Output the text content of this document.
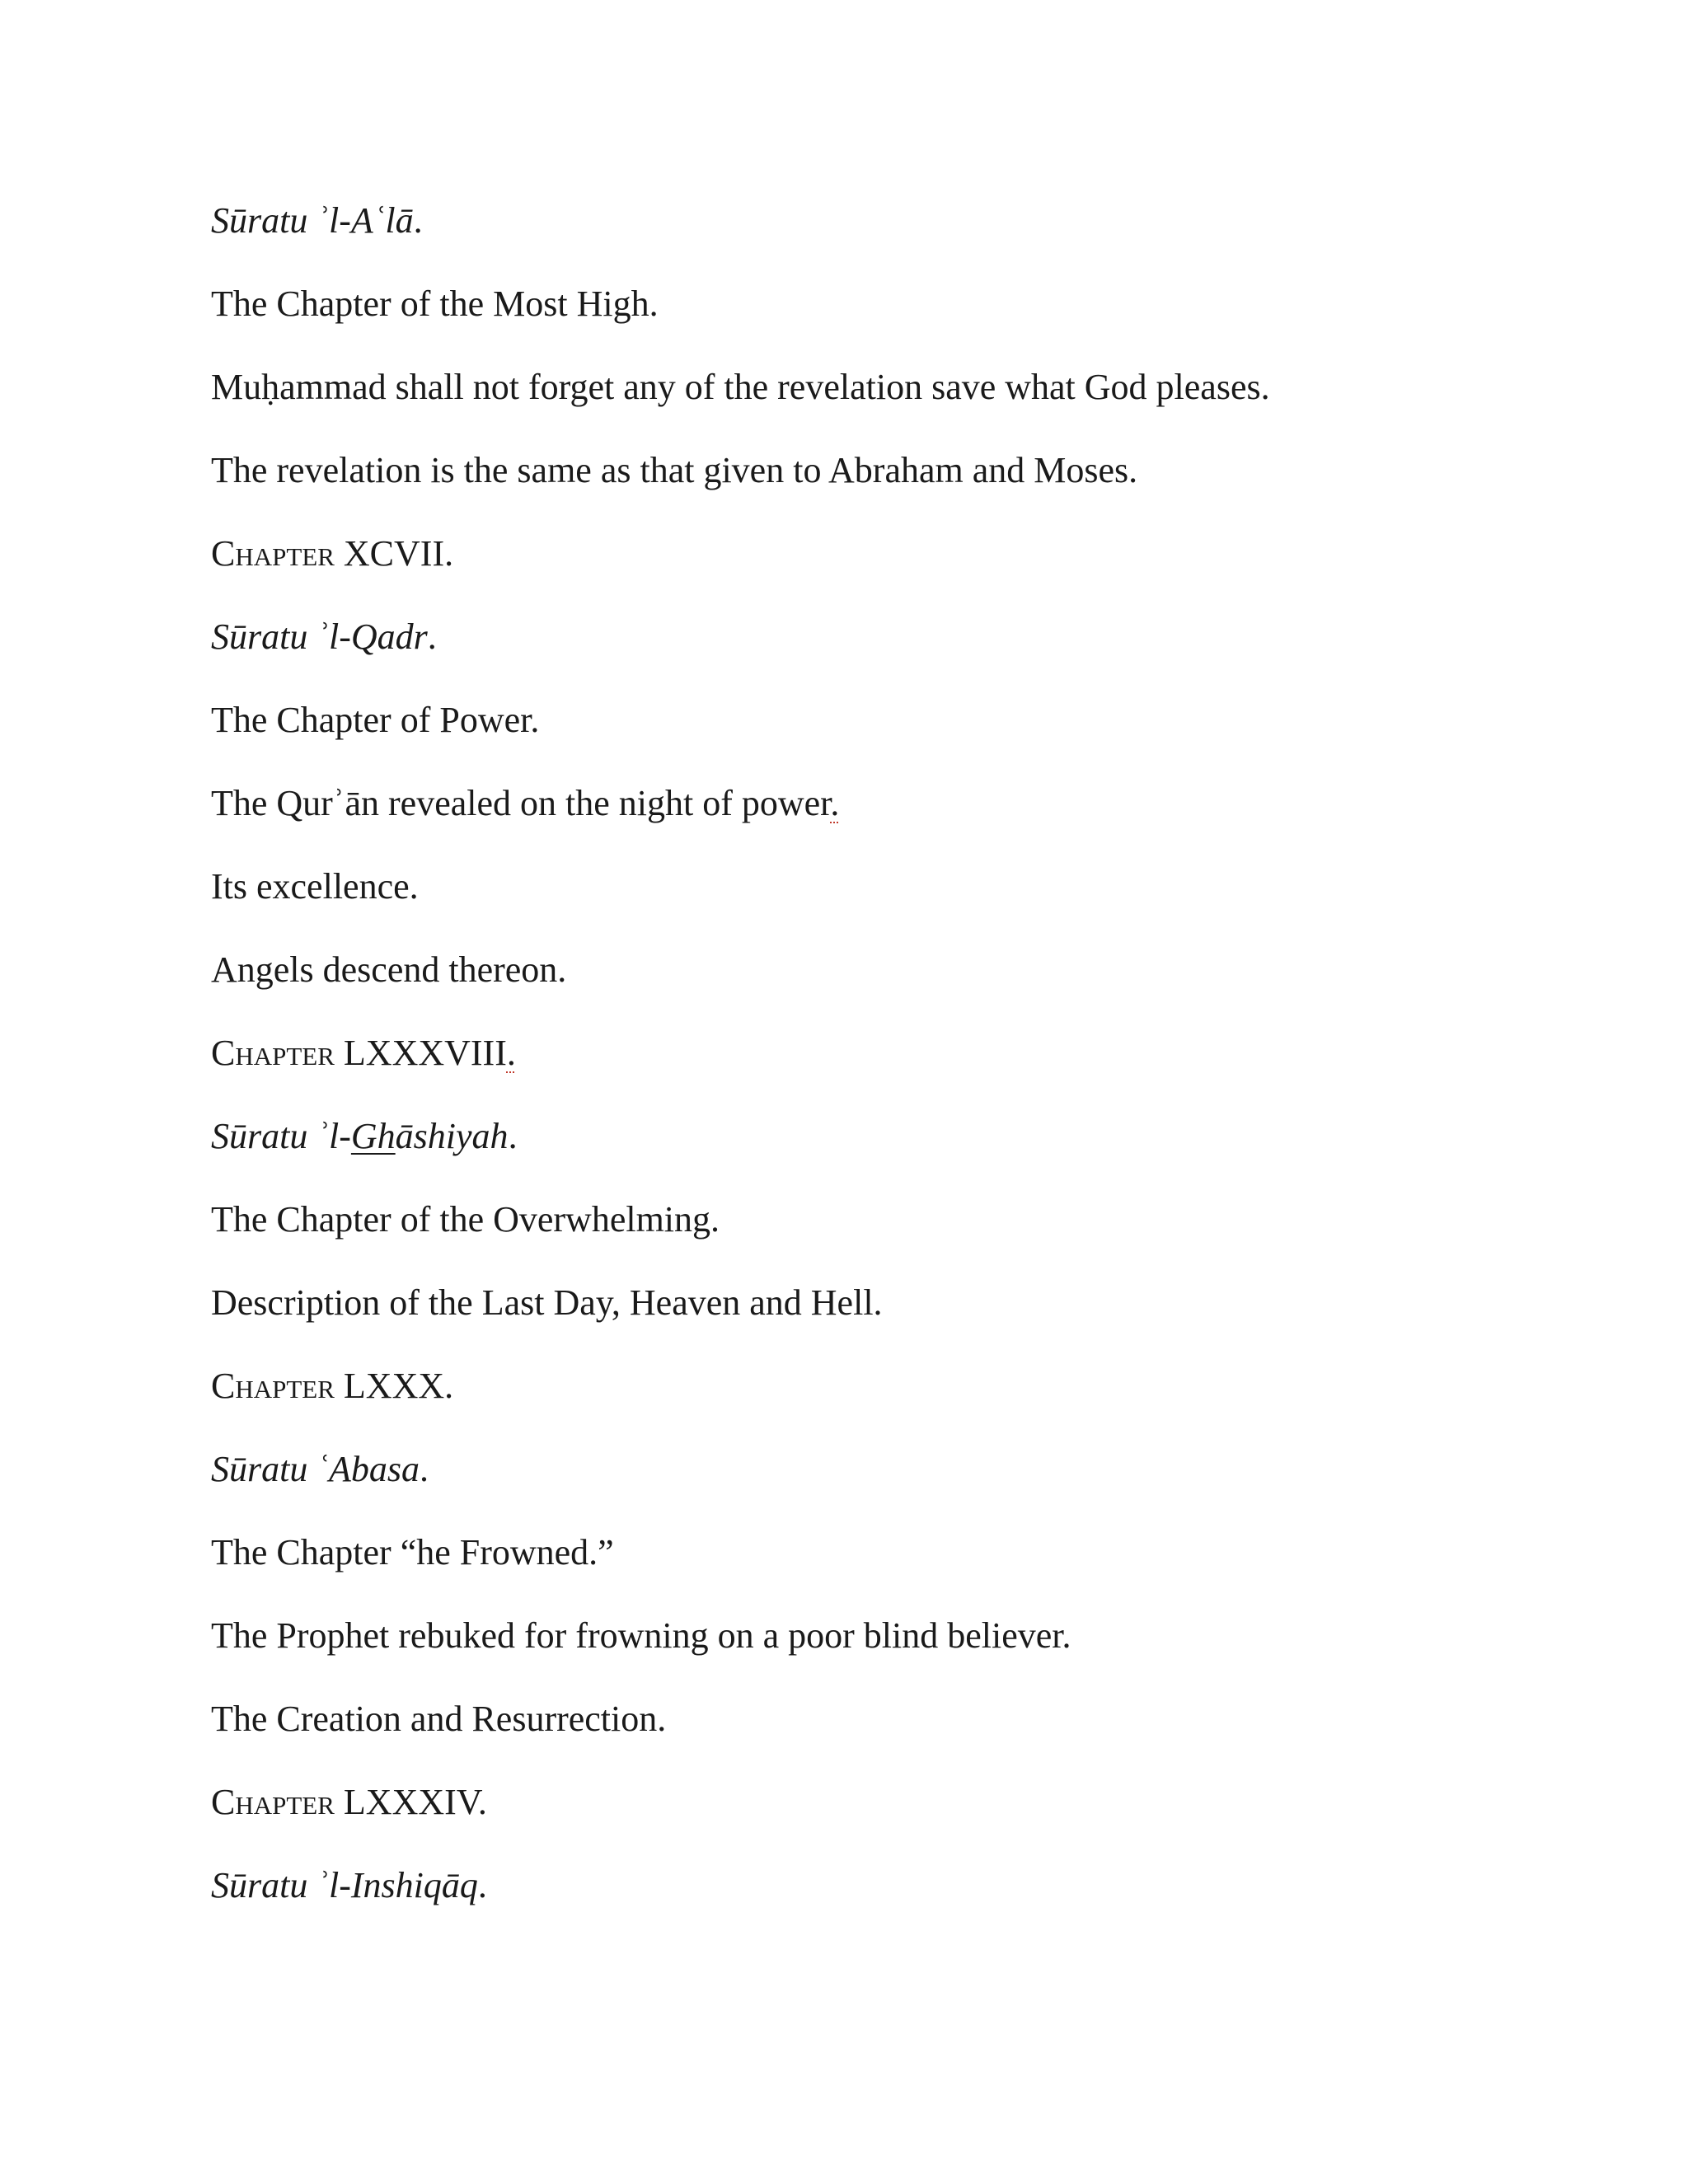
Sūratu ʾl-Aʿlā.
The Chapter of the Most High.
Muḥammad shall not forget any of the revelation save what God pleases.
The revelation is the same as that given to Abraham and Moses.
Chapter XCVII.
Sūratu ʾl-Qadr.
The Chapter of Power.
The Qurʾān revealed on the night of power.
Its excellence.
Angels descend thereon.
Chapter LXXXVIII.
Sūratu ʾl-Ghāshiyah.
The Chapter of the Overwhelming.
Description of the Last Day, Heaven and Hell.
Chapter LXXX.
Sūratu ʿAbasa.
The Chapter “he Frowned.”
The Prophet rebuked for frowning on a poor blind believer.
The Creation and Resurrection.
Chapter LXXXIV.
Sūratu ʾl-Inshiqāq.
